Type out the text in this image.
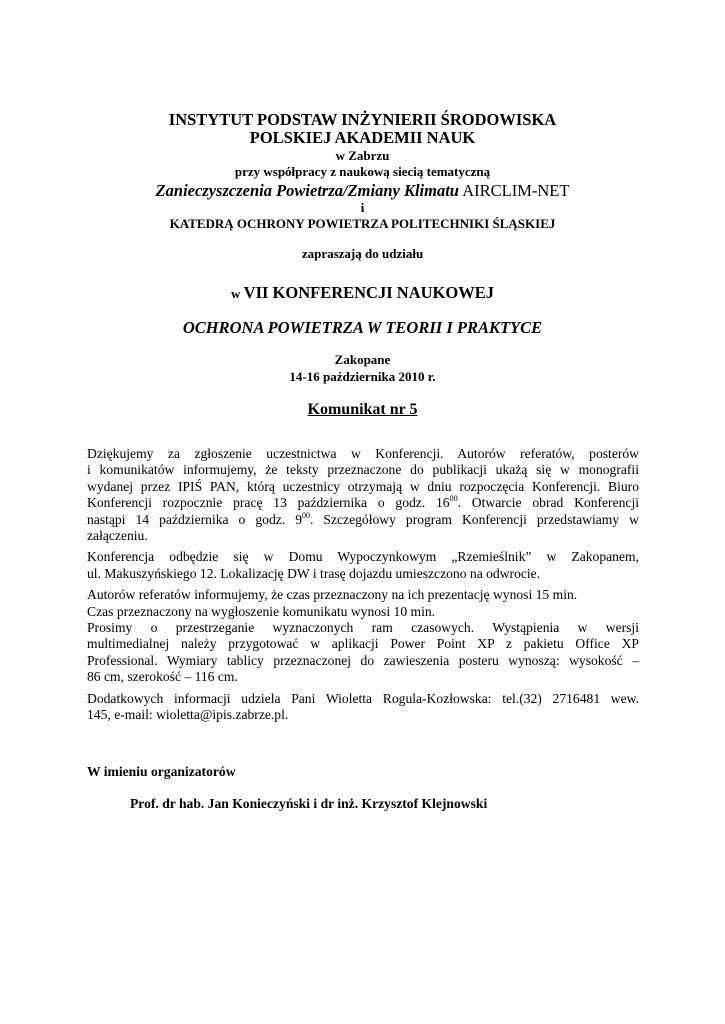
INSTYTUT PODSTAW INŻYNIERII ŚRODOWISKA
POLSKIEJ AKADEMII NAUK
w Zabrzu
przy współpracy z naukową siecią tematyczną
Zanieczyszczenia Powietrza/Zmiany Klimatu AIRCLIM-NET
i
KATEDRĄ OCHRONY POWIETRZA POLITECHNIKI ŚLĄSKIEJ
zapraszają do udziału
w VII KONFERENCJI NAUKOWEJ
OCHRONA POWIETRZA W TEORII I PRAKTYCE
Zakopane
14-16 października 2010 r.
Komunikat nr 5

Dziękujemy za zgłoszenie uczestnictwa w Konferencji. Autorów referatów, posterów
i komunikatów informujemy, że teksty przeznaczone do publikacji ukażą się w monografii
wydanej przez IPIŚ PAN, którą uczestnicy otrzymają w dniu rozpoczęcia Konferencji. Biuro
Konferencji rozpocznie pracę 13 października o godz. $16^{00}$. Otwarcie obrad Konferencji
nastąpi 14 października o godz. $9^{00}$. Szczegółowy program Konferencji przedstawiamy w
załączeniu.

Konferencja odbędzie się w Domu Wypoczynkowym „Rzemieślnik” w Zakopanem,
ul. Makuszyńskiego 12. Lokalizację DW i trasę dojazdu umieszczono na odwrocie.

Autorów referatów informujemy, że czas przeznaczony na ich prezentację wynosi 15 min.
Czas przeznaczony na wygłoszenie komunikatu wynosi 10 min.
Prosimy o przestrzeganie wyznaczonych ram czasowych. Wystąpienia w wersji
multimedialnej należy przygotować w aplikacji Power Point XP z pakietu Office XP
Professional. Wymiary tablicy przeznaczonej do zawieszenia posteru wynoszą: wysokość –
86 cm, szerokość – 116 cm.

Dodatkowych informacji udziela Pani Wioletta Rogula-Kozłowska: tel.(32) 2716481 wew.
145, e-mail: wioletta@ipis.zabrze.pl.

W imieniu organizatorów
Prof. dr hab. Jan Konieczyński i dr inż. Krzysztof Klejnowski
